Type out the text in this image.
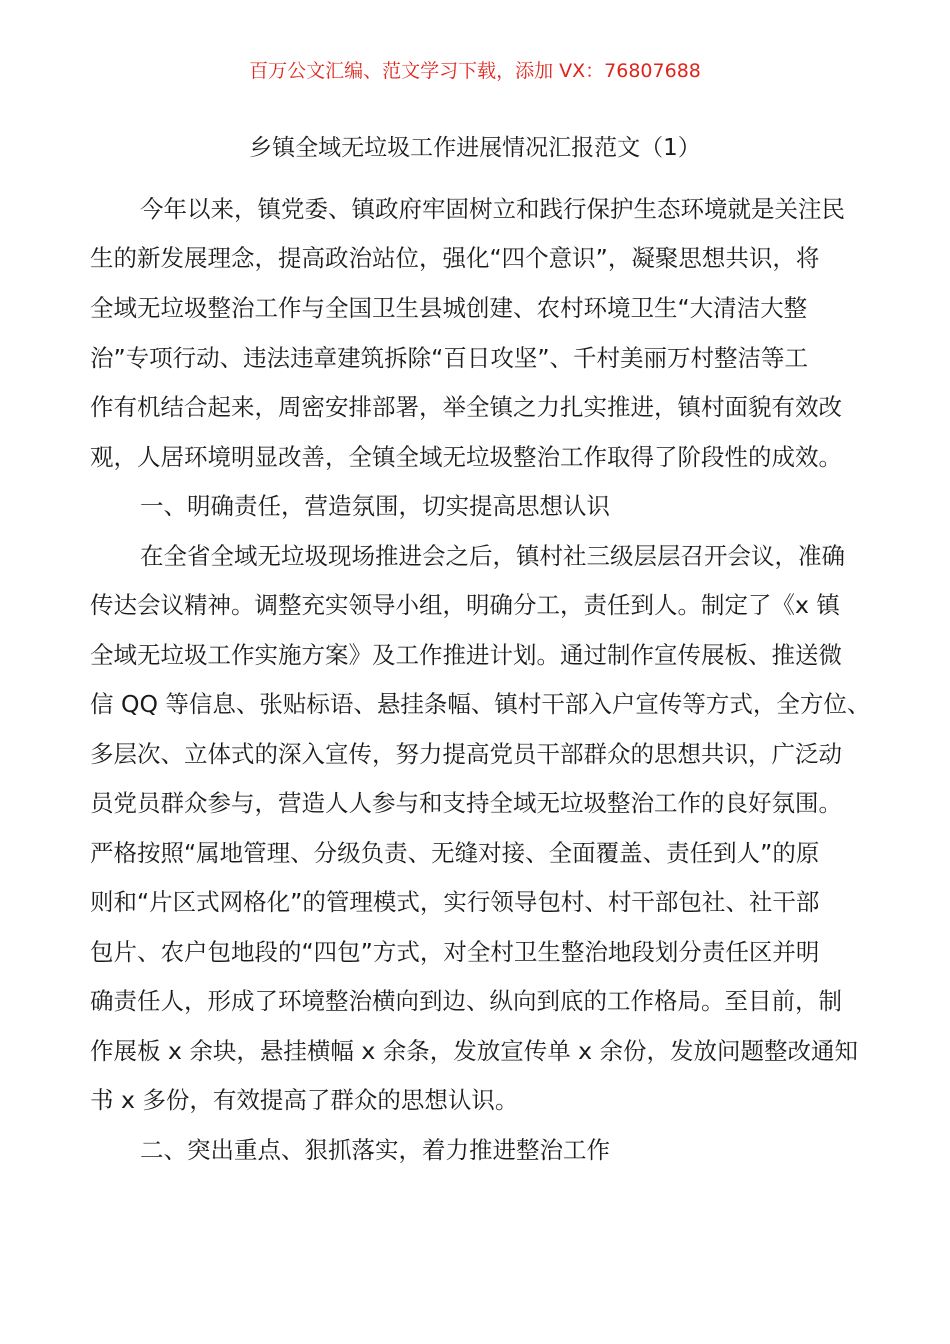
百万公文汇编、范文学习下载，添加 VX：76807688
乡镇全域无垃圾工作进展情况汇报范文（1）
今年以来，镇党委、镇政府牢固树立和践行保护生态环境就是关注民
生的新发展理念，提高政治站位，强化“四个意识”，凝聚思想共识，将
全域无垃圾整治工作与全国卫生县城创建、农村环境卫生“大清洁大整
治”专项行动、违法违章建筑拆除“百日攻坚”、千村美丽万村整洁等工
作有机结合起来，周密安排部署，举全镇之力扎实推进，镇村面貌有效改
观，人居环境明显改善，全镇全域无垃圾整治工作取得了阶段性的成效。
一、明确责任，营造氛围，切实提高思想认识
在全省全域无垃圾现场推进会之后，镇村社三级层层召开会议，准确
传达会议精神。调整充实领导小组，明确分工，责任到人。制定了《x 镇
全域无垃圾工作实施方案》及工作推进计划。通过制作宣传展板、推送微
信 QQ 等信息、张贴标语、悬挂条幅、镇村干部入户宣传等方式，全方位、
多层次、立体式的深入宣传，努力提高党员干部群众的思想共识，广泛动
员党员群众参与，营造人人参与和支持全域无垃圾整治工作的良好氛围。
严格按照“属地管理、分级负责、无缝对接、全面覆盖、责任到人”的原
则和“片区式网格化”的管理模式，实行领导包村、村干部包社、社干部
包片、农户包地段的“四包”方式，对全村卫生整治地段划分责任区并明
确责任人，形成了环境整治横向到边、纵向到底的工作格局。至目前，制
作展板 x 余块，悬挂横幅 x 余条，发放宣传单 x 余份，发放问题整改通知
书 x 多份，有效提高了群众的思想认识。
二、突出重点、狠抓落实，着力推进整治工作
